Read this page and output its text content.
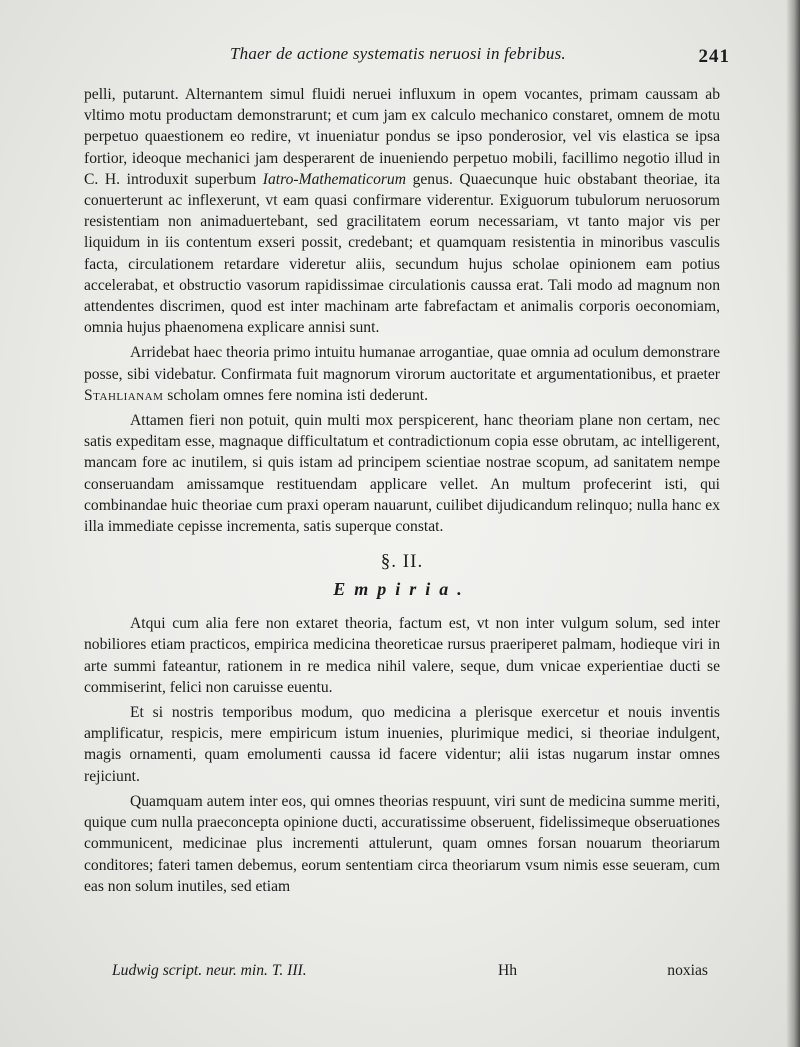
Thaer de actione systematis neruosi in febribus.	241

pelli, putarunt. Alternantem simul fluidi neruei influxum in opem vocantes, primam caussam ab vltimo motu productam demonstrarunt; et cum jam ex calculo mechanico constaret, omnem de motu perpetuo quaestionem eo redire, vt inueniatur pondus se ipso ponderosior, vel vis elastica se ipsa fortior, ideoque mechanici jam desperarent de inueniendo perpetuo mobili, facillimo negotio illud in C. H. introduxit superbum Iatro-Mathematicorum genus. Quaecunque huic obstabant theoriae, ita conuerterunt ac inflexerunt, vt eam quasi confirmare viderentur. Exiguorum tubulorum neruosorum resistentiam non animaduertebant, sed gracilitatem eorum necessariam, vt tanto major vis per liquidum in iis contentum exseri possit, credebant; et quamquam resistentia in minoribus vasculis facta, circulationem retardare videretur aliis, secundum hujus scholae opinionem eam potius accelerabat, et obstructio vasorum rapidissimae circulationis caussa erat. Tali modo ad magnum non attendentes discrimen, quod est inter machinam arte fabrefactam et animalis corporis oeconomiam, omnia hujus phaenomena explicare annisi sunt.

Arridebat haec theoria primo intuitu humanae arrogantiae, quae omnia ad oculum demonstrare posse, sibi videbatur. Confirmata fuit magnorum virorum auctoritate et argumentationibus, et praeter Stahlianam scholam omnes fere nomina isti dederunt.

Attamen fieri non potuit, quin multi mox perspicerent, hanc theoriam plane non certam, nec satis expeditam esse, magnaque difficultatum et contradictionum copia esse obrutam, ac intelligerent, mancam fore ac inutilem, si quis istam ad principem scientiae nostrae scopum, ad sanitatem nempe conseruandam amissamque restituendam applicare vellet. An multum profecerint isti, qui combinandae huic theoriae cum praxi operam nauarunt, cuilibet dijudicandum relinquo; nulla hanc ex illa immediate cepisse incrementa, satis superque constat.

§. II.
Empiria.

Atqui cum alia fere non extaret theoria, factum est, vt non inter vulgum solum, sed inter nobiliores etiam practicos, empirica medicina theoreticae rursus praeriperet palmam, hodieque viri in arte summi fateantur, rationem in re medica nihil valere, seque, dum vnicae experientiae ducti se commiserint, felici non caruisse euentu.

Et si nostris temporibus modum, quo medicina a plerisque exercetur et nouis inventis amplificatur, respicis, mere empiricum istum inuenies, plurimique medici, si theoriae indulgent, magis ornamenti, quam emolumenti caussa id facere videntur; alii istas nugarum instar omnes rejiciunt.

Quamquam autem inter eos, qui omnes theorias respuunt, viri sunt de medicina summe meriti, quique cum nulla praeconcepta opinione ducti, accuratissime obseruent, fidelissimeque obseruationes communicent, medicinae plus incrementi attulerunt, quam omnes forsan nouarum theoriarum conditores; fateri tamen debemus, eorum sententiam circa theoriarum vsum nimis esse seueram, cum eas non solum inutiles, sed etiam

Ludwig script. neur. min. T. III.	Hh	noxias
